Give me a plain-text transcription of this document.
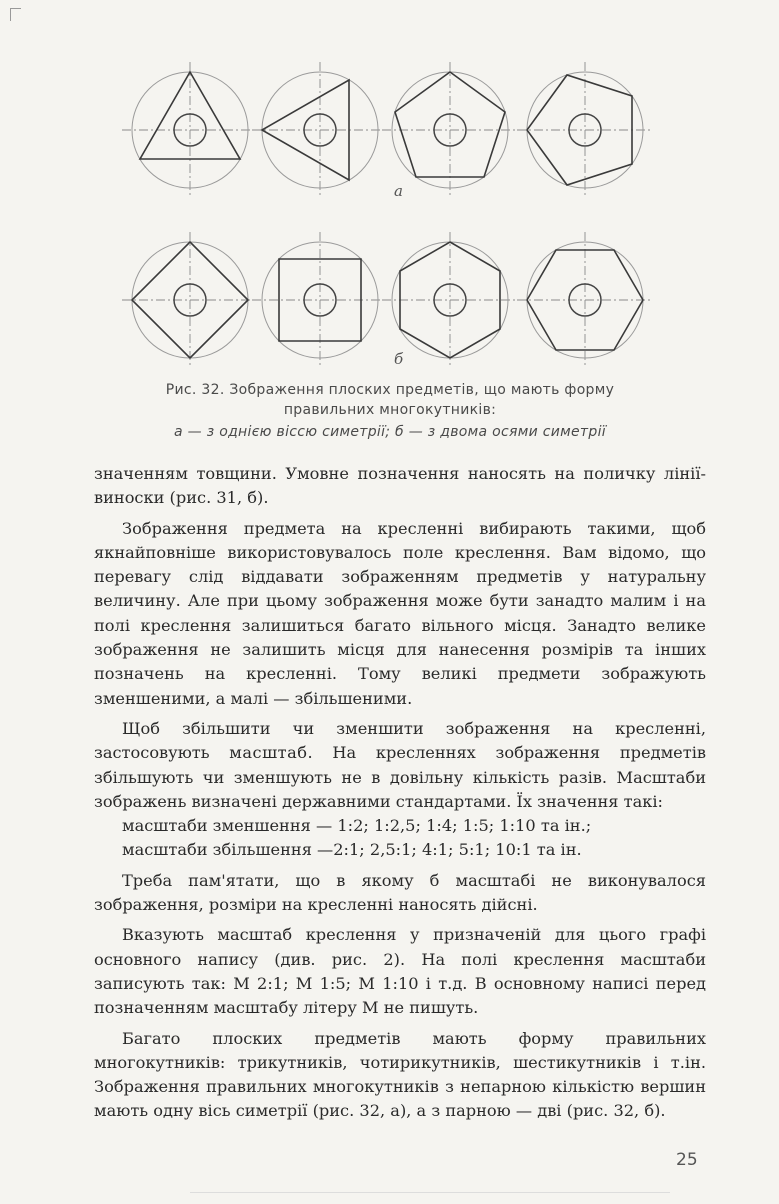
а
б
Рис. 32. Зображення плоских предметів, що мають форму
правильних многокутників:
а — з однією віссю симетрії; б — з двома осями симетрії

значенням товщини. Умовне позначення наносять на поличку лінії-виноски (рис. 31, б).

Зображення предмета на кресленні вибирають такими, щоб якнайповніше використовувалось поле креслення. Вам відомо, що перевагу слід віддавати зображенням предметів у натуральну величину. Але при цьому зображення може бути занадто малим і на полі креслення залишиться багато вільного місця. Занадто велике зображення не залишить місця для нанесення розмірів та інших позначень на кресленні. Тому великі предмети зображують зменшеними, а малі — збільшеними.

Щоб збільшити чи зменшити зображення на кресленні, застосовують масштаб. На кресленнях зображення предметів збільшують чи зменшують не в довільну кількість разів. Масштаби зображень визначені державними стандартами. Їх значення такі:

масштаби зменшення — 1:2; 1:2,5; 1:4; 1:5; 1:10 та ін.;

масштаби збільшення —2:1; 2,5:1; 4:1; 5:1; 10:1 та ін.

Треба пам'ятати, що в якому б масштабі не виконувалося зображення, розміри на кресленні наносять дійсні.

Вказують масштаб креслення у призначеній для цього графі основного напису (див. рис. 2). На полі креслення масштаби записують так: М 2:1; М 1:5; М 1:10 і т.д. В основному написі перед позначенням масштабу літеру М не пишуть.

Багато плоских предметів мають форму правильних многокутників: трикутників, чотирикутників, шестикутників і т.ін. Зображення правильних многокутників з непарною кількістю вершин мають одну вісь симетрії (рис. 32, а), а з парною — дві (рис. 32, б).

25
